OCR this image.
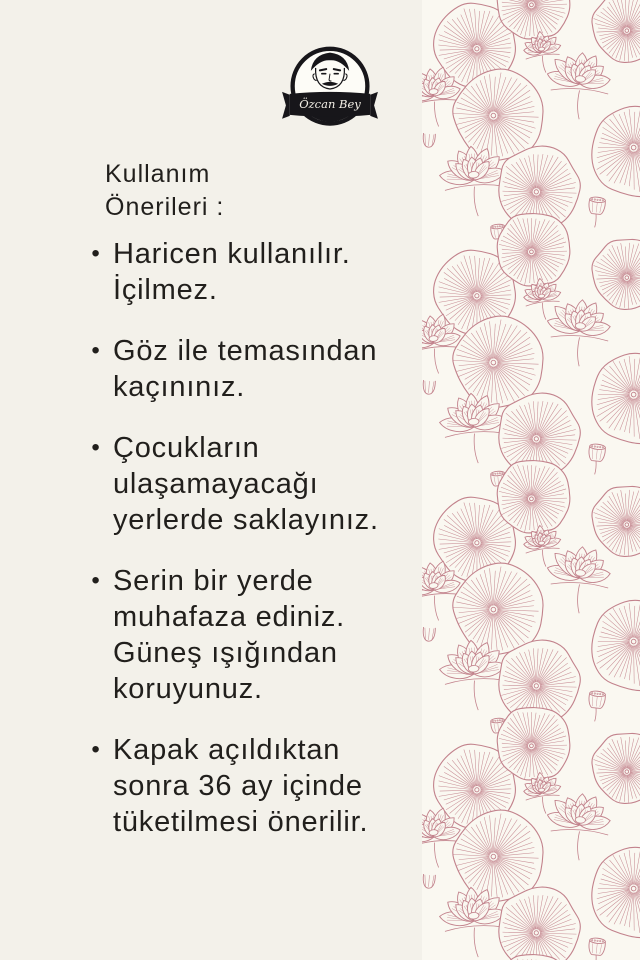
Özcan Bey
Kullanım
Önerileri :
• Haricen kullanılır.
İçilmez.
• Göz ile temasından
kaçınınız.
• Çocukların
ulaşamayacağı
yerlerde saklayınız.
• Serin bir yerde
muhafaza ediniz.
Güneş ışığından
koruyunuz.
• Kapak açıldıktan
sonra 36 ay içinde
tüketilmesi önerilir.
